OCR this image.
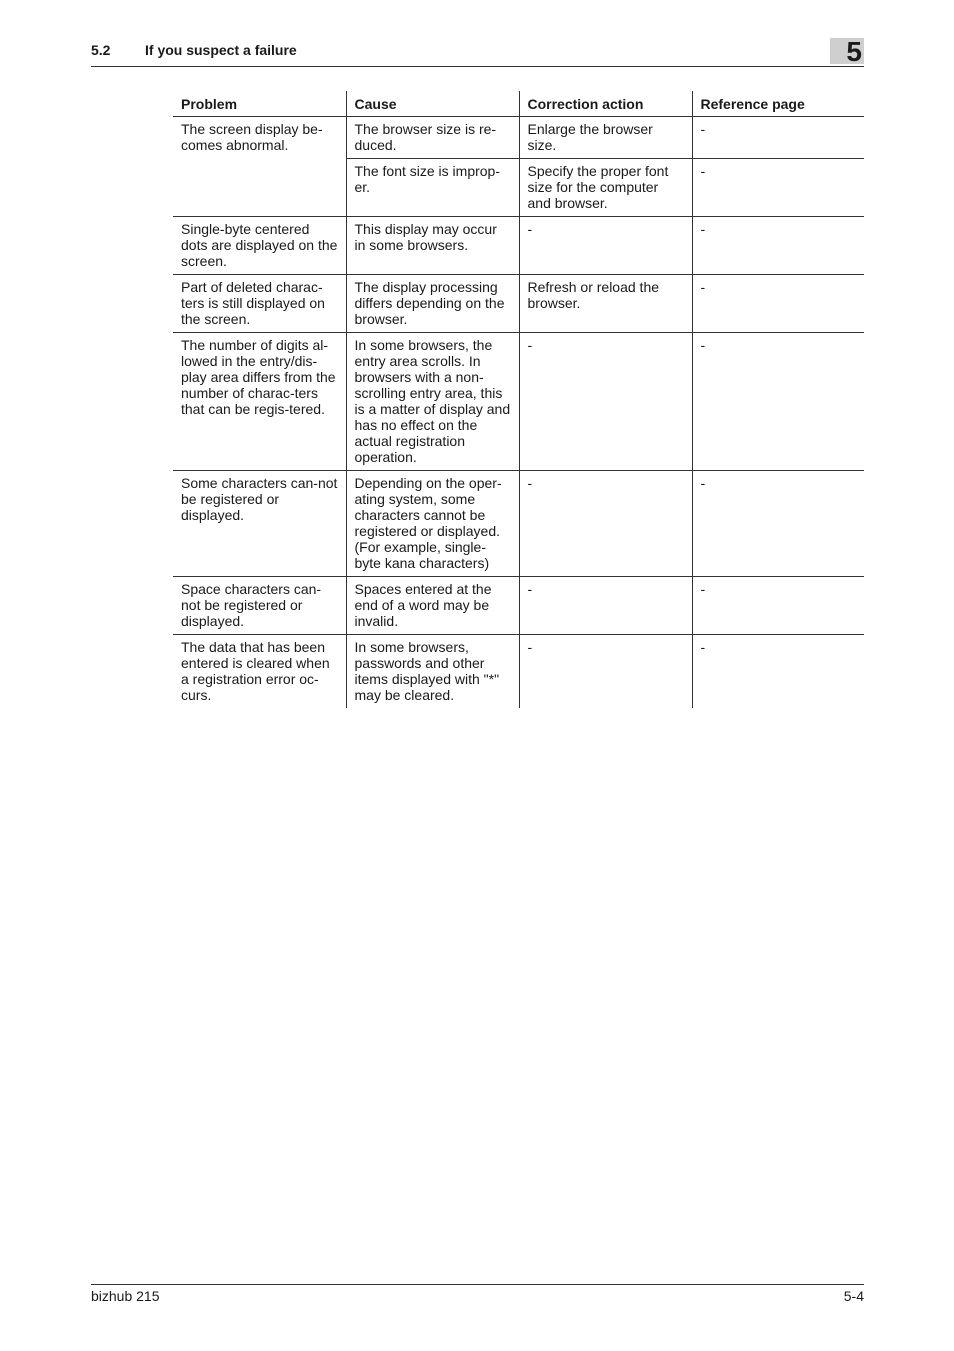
5.2 If you suspect a failure	5
Problem	Cause	Correction action	Reference page
The screen display be-comes abnormal.	The browser size is re-duced.	Enlarge the browser size.	-
	The font size is improp-er.	Specify the proper font size for the computer and browser.	-
Single-byte centered dots are displayed on the screen.	This display may occur in some browsers.	-	-
Part of deleted charac-ters is still displayed on the screen.	The display processing differs depending on the browser.	Refresh or reload the browser.	-
The number of digits al-lowed in the entry/dis-play area differs from the number of charac-ters that can be regis-tered.	In some browsers, the entry area scrolls. In browsers with a non-scrolling entry area, this is a matter of display and has no effect on the actual registration operation.	-	-
Some characters can-not be registered or displayed.	Depending on the oper-ating system, some characters cannot be registered or displayed. (For example, single-byte kana characters)	-	-
Space characters can-not be registered or displayed.	Spaces entered at the end of a word may be invalid.	-	-
The data that has been entered is cleared when a registration error oc-curs.	In some browsers, passwords and other items displayed with "*" may be cleared.	-	-
bizhub 215	5-4
